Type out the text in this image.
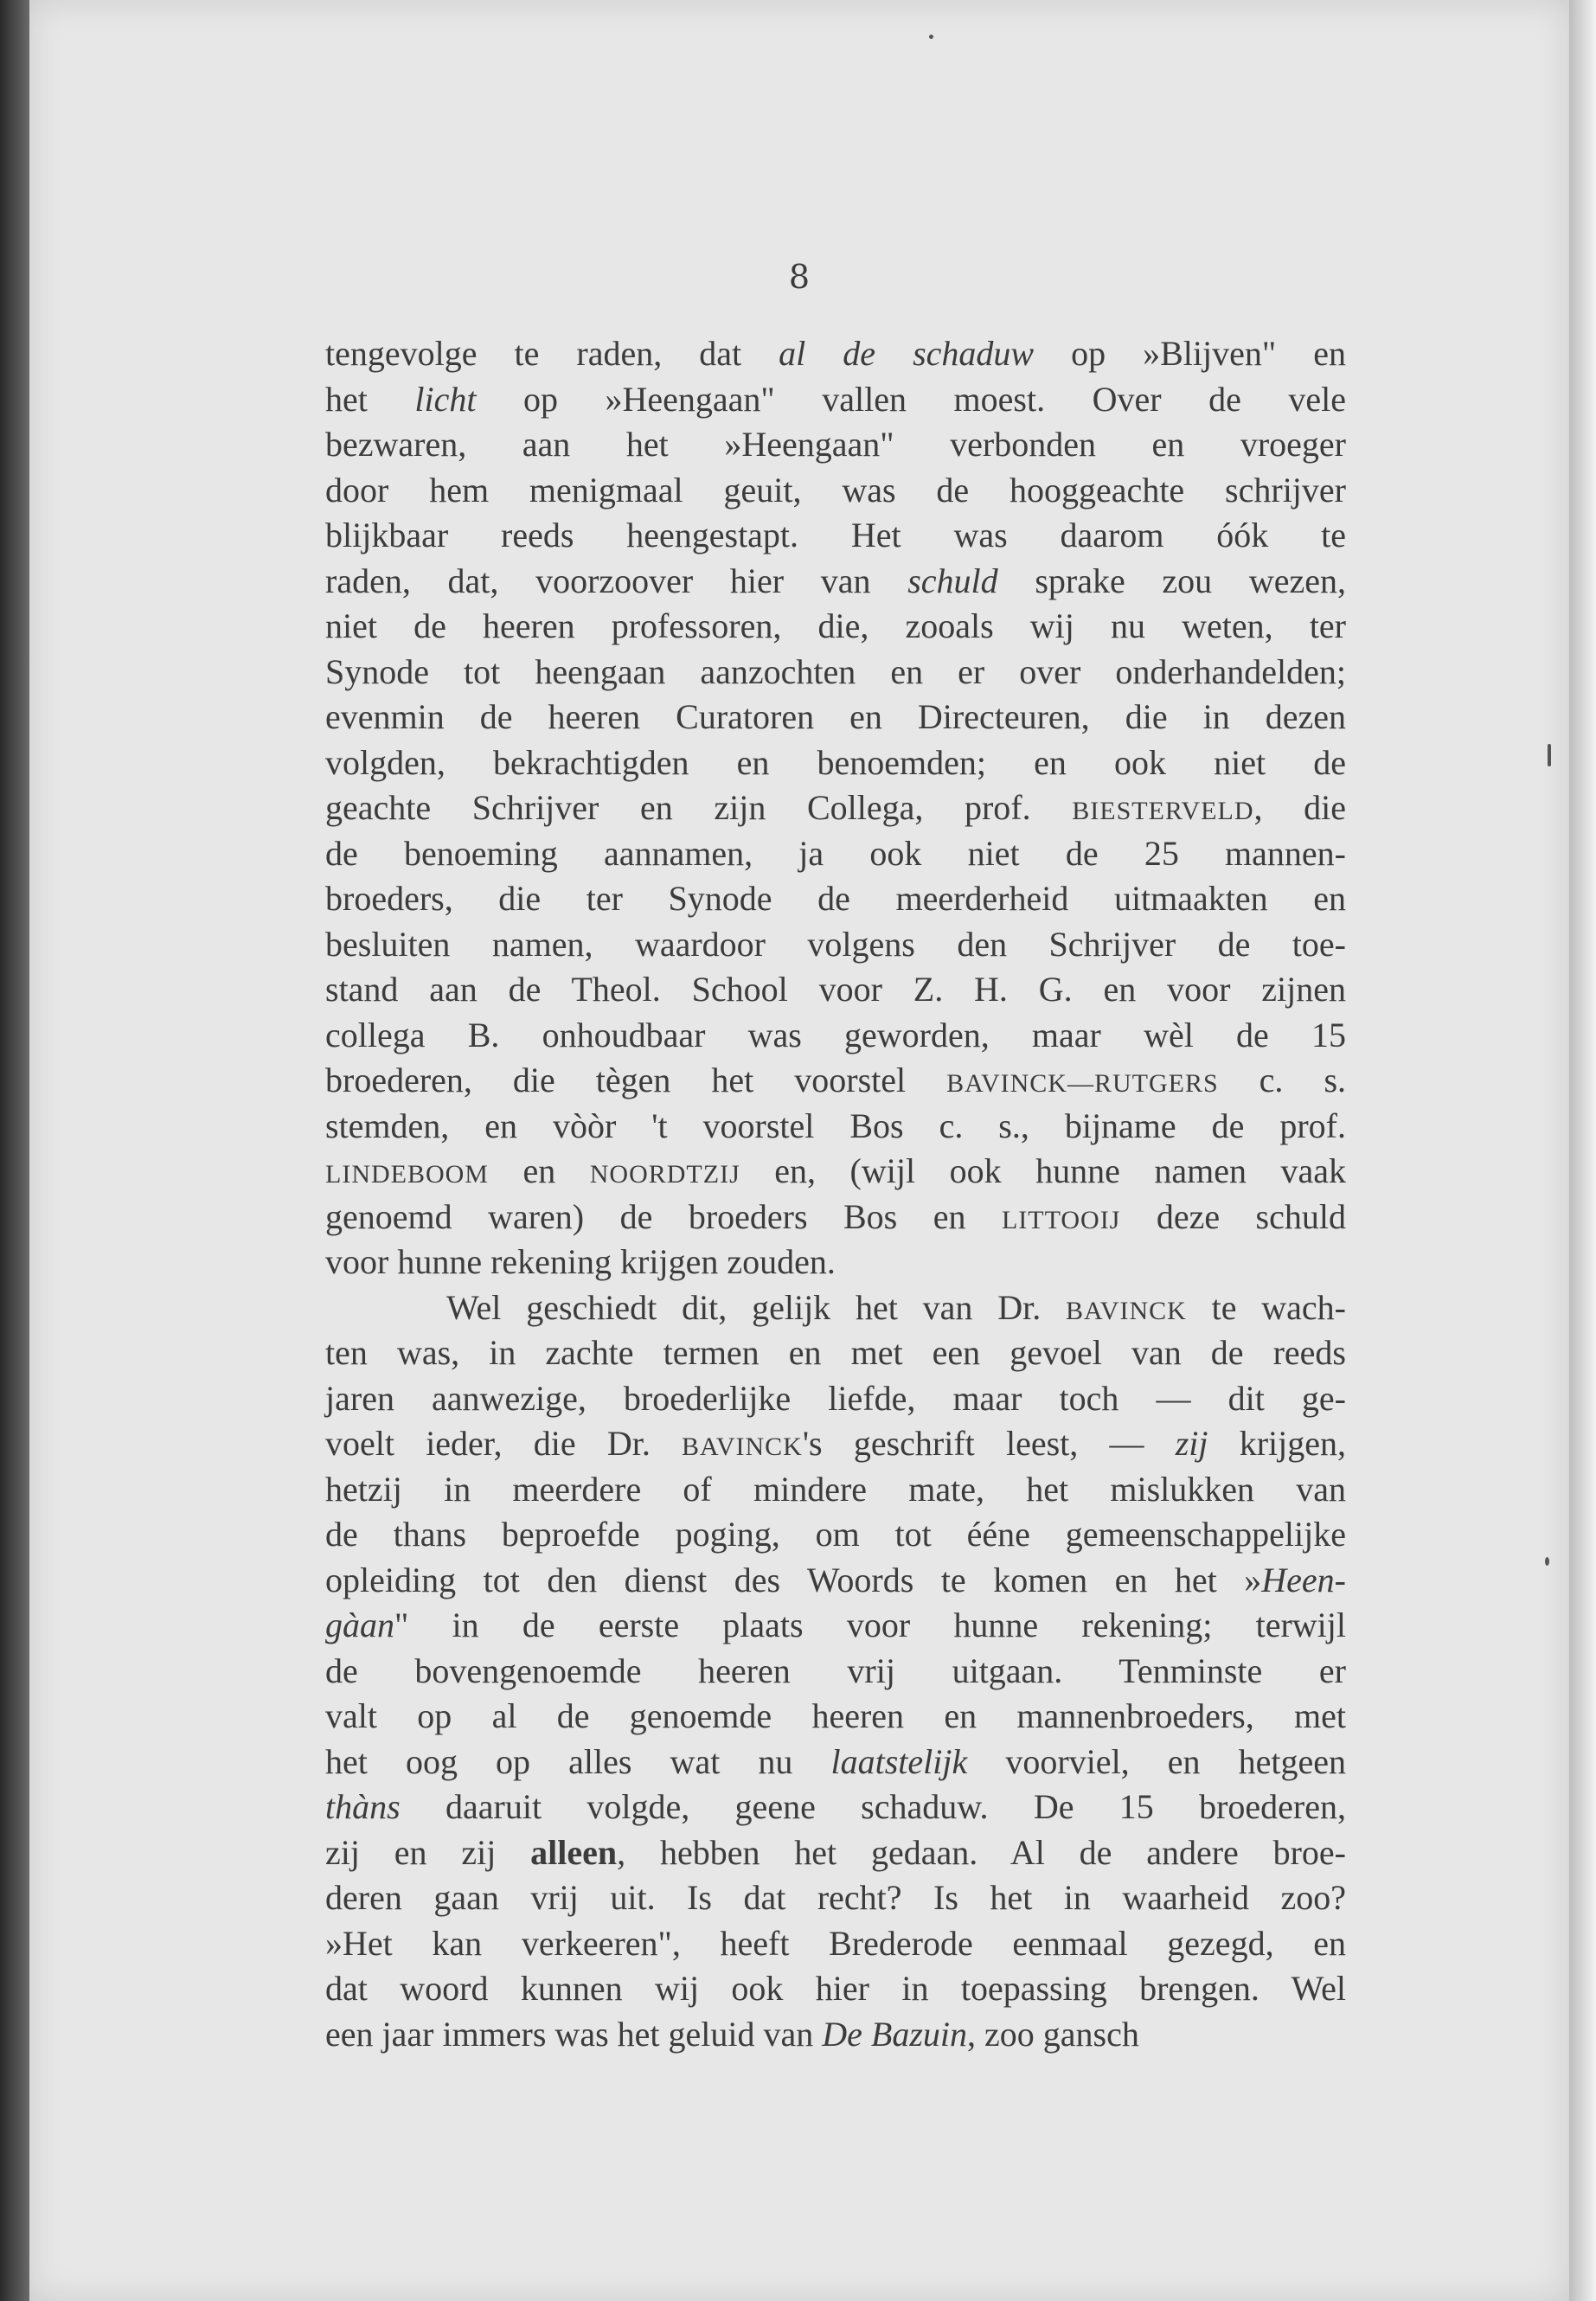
8
tengevolge te raden, dat al de schaduw op »Blijven" en
het licht op »Heengaan" vallen moest. Over de vele
bezwaren, aan het »Heengaan" verbonden en vroeger
door hem menigmaal geuit, was de hooggeachte schrijver
blijkbaar reeds heengestapt. Het was daarom óók te
raden, dat, voorzoover hier van schuld sprake zou wezen,
niet de heeren professoren, die, zooals wij nu weten, ter
Synode tot heengaan aanzochten en er over onderhandelden;
evenmin de heeren Curatoren en Directeuren, die in dezen
volgden, bekrachtigden en benoemden; en ook niet de
geachte Schrijver en zijn Collega, prof. BIESTERVELD, die
de benoeming aannamen, ja ook niet de 25 mannen-
broeders, die ter Synode de meerderheid uitmaakten en
besluiten namen, waardoor volgens den Schrijver de toe-
stand aan de Theol. School voor Z. H. G. en voor zijnen
collega B. onhoudbaar was geworden, maar wèl de 15
broederen, die tègen het voorstel BAVINCK—RUTGERS c. s.
stemden, en vòòr 't voorstel Bos c. s., bijname de prof.
LINDEBOOM en NOORDTZIJ en, (wijl ook hunne namen vaak
genoemd waren) de broeders Bos en LITTOOIJ deze schuld
voor hunne rekening krijgen zouden.
Wel geschiedt dit, gelijk het van Dr. BAVINCK te wach-
ten was, in zachte termen en met een gevoel van de reeds
jaren aanwezige, broederlijke liefde, maar toch — dit ge-
voelt ieder, die Dr. BAVINCK's geschrift leest, — zij krijgen,
hetzij in meerdere of mindere mate, het mislukken van
de thans beproefde poging, om tot ééne gemeenschappelijke
opleiding tot den dienst des Woords te komen en het »Heen-
gàan" in de eerste plaats voor hunne rekening; terwijl
de bovengenoemde heeren vrij uitgaan. Tenminste er
valt op al de genoemde heeren en mannenbroeders, met
het oog op alles wat nu laatstelijk voorviel, en hetgeen
thàns daaruit volgde, geene schaduw. De 15 broederen,
zij en zij alleen, hebben het gedaan. Al de andere broe-
deren gaan vrij uit. Is dat recht? Is het in waarheid zoo?
»Het kan verkeeren", heeft Brederode eenmaal gezegd, en
dat woord kunnen wij ook hier in toepassing brengen. Wel
een jaar immers was het geluid van De Bazuin, zoo gansch
